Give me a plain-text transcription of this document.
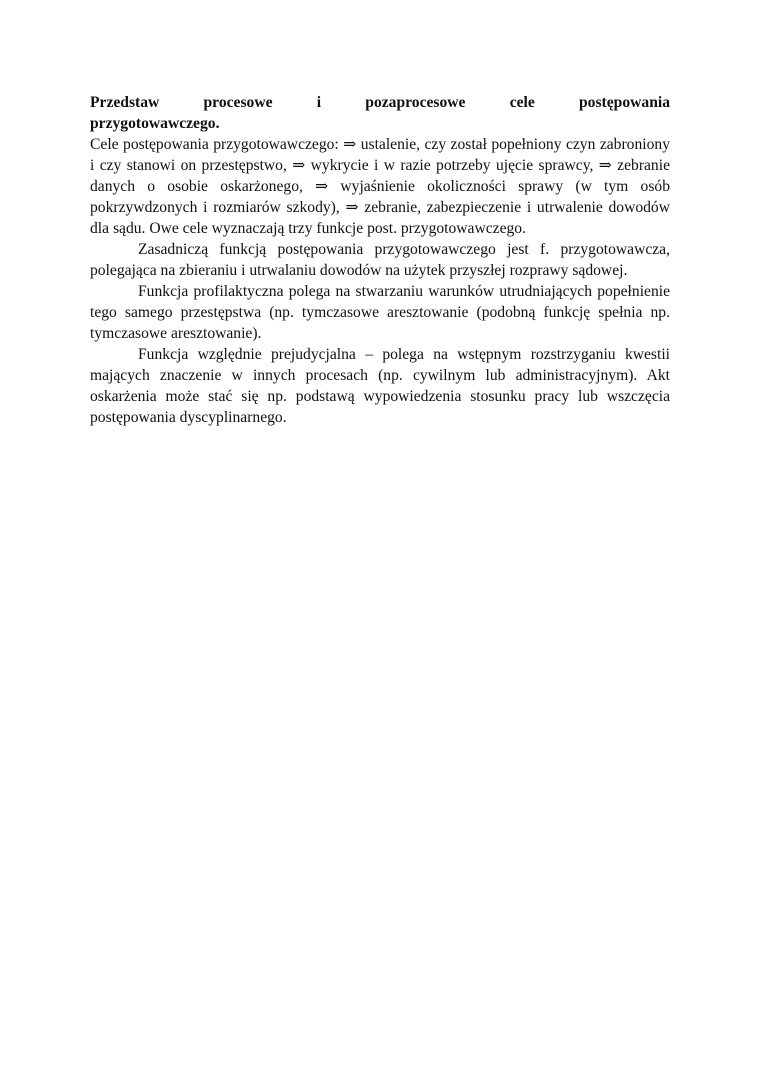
Przedstaw procesowe i pozaprocesowe cele postępowania

przygotowawczego.

Cele postępowania przygotowawczego: ⇒ ustalenie, czy został popełniony czyn zabroniony i czy stanowi on przestępstwo, ⇒ wykrycie i w razie potrzeby ujęcie sprawcy, ⇒ zebranie danych o osobie oskarżonego, ⇒ wyjaśnienie okoliczności sprawy (w tym osób pokrzywdzonych i rozmiarów szkody), ⇒ zebranie, zabezpieczenie i utrwalenie dowodów dla sądu. Owe cele wyznaczają trzy funkcje post. przygotowawczego.

Zasadniczą funkcją postępowania przygotowawczego jest f. przygotowawcza, polegająca na zbieraniu i utrwalaniu dowodów na użytek przyszłej rozprawy sądowej.

Funkcja profilaktyczna polega na stwarzaniu warunków utrudniających popełnienie tego samego przestępstwa (np. tymczasowe aresztowanie (podobną funkcję spełnia np. tymczasowe aresztowanie).

Funkcja względnie prejudycjalna – polega na wstępnym rozstrzyganiu kwestii mających znaczenie w innych procesach (np. cywilnym lub administracyjnym). Akt oskarżenia może stać się np. podstawą wypowiedzenia stosunku pracy lub wszczęcia postępowania dyscyplinarnego.
